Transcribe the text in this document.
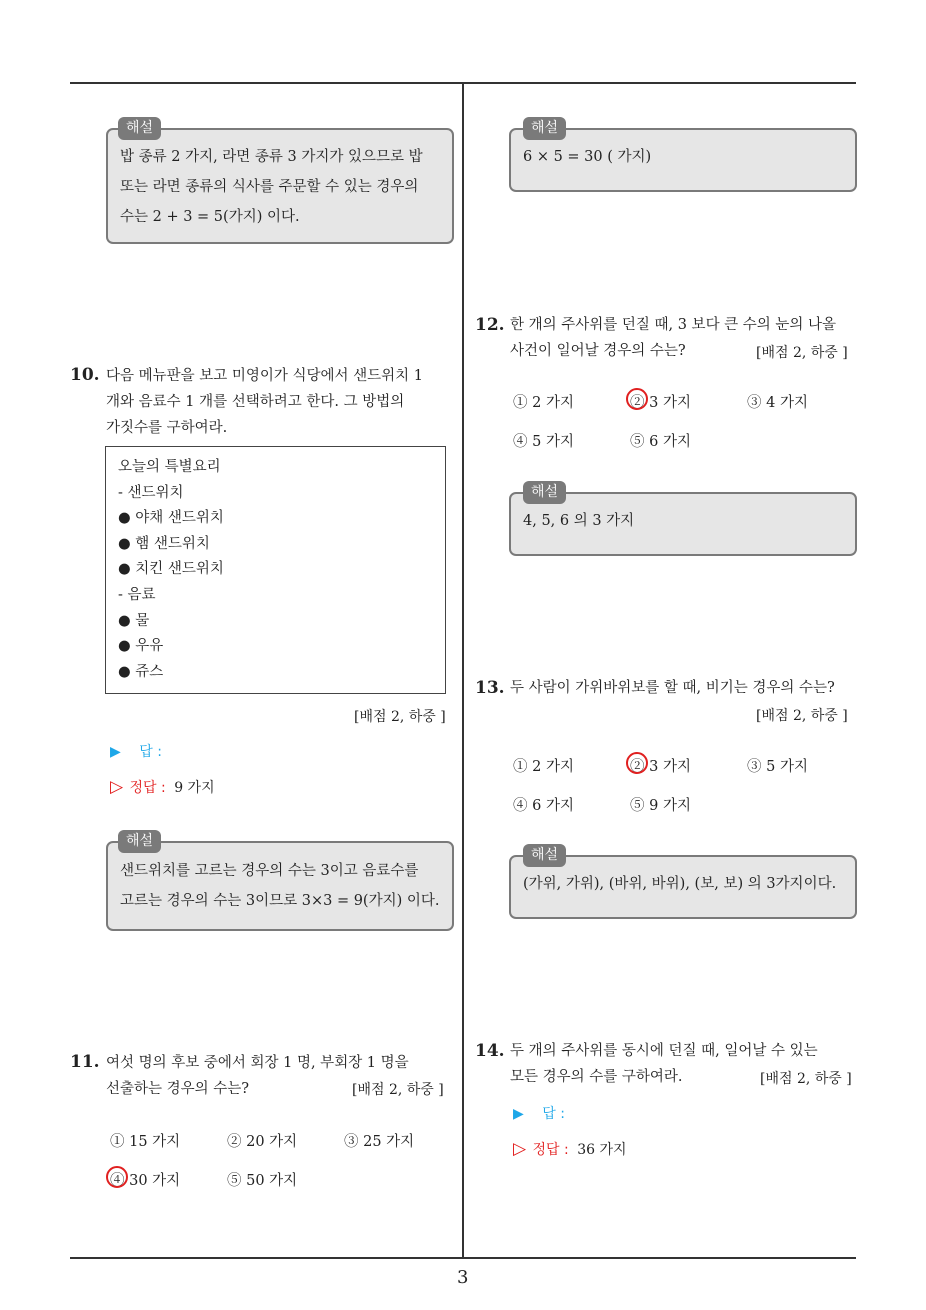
밥 종류 2 가지, 라면 종류 3 가지가 있으므로 밥
또는 라면 종류의 식사를 주문할 수 있는 경우의
수는 2 + 3 = 5(가지) 이다.
해설
10. 다음 메뉴판을 보고 미영이가 식당에서 샌드위치 1
개와 음료수 1 개를 선택하려고 한다. 그 방법의
가짓수를 구하여라.
오늘의 특별요리
- 샌드위치
● 야채 샌드위치
● 햄 샌드위치
● 치킨 샌드위치
- 음료
● 물
● 우유
● 쥬스
[배점 2, 하중 ]
▶ 답 :
▷ 정답 : 9 가지
샌드위치를 고르는 경우의 수는 3이고 음료수를
고르는 경우의 수는 3이므로 3×3 = 9(가지) 이다.
해설
11. 여섯 명의 후보 중에서 회장 1 명, 부회장 1 명을
선출하는 경우의 수는?	[배점 2, 하중 ]
① 15 가지	② 20 가지	③ 25 가지
④ 30 가지	⑤ 50 가지
6 × 5 = 30 ( 가지)
해설
12. 한 개의 주사위를 던질 때, 3 보다 큰 수의 눈의 나올
사건이 일어날 경우의 수는?	[배점 2, 하중 ]
① 2 가지	② 3 가지	③ 4 가지
④ 5 가지	⑤ 6 가지
4, 5, 6 의 3 가지
해설
13. 두 사람이 가위바위보를 할 때, 비기는 경우의 수는?
[배점 2, 하중 ]
① 2 가지	② 3 가지	③ 5 가지
④ 6 가지	⑤ 9 가지
(가위, 가위), (바위, 바위), (보, 보) 의 3가지이다.
해설
14. 두 개의 주사위를 동시에 던질 때, 일어날 수 있는
모든 경우의 수를 구하여라.	[배점 2, 하중 ]
▶ 답 :
▷ 정답 : 36 가지
3
